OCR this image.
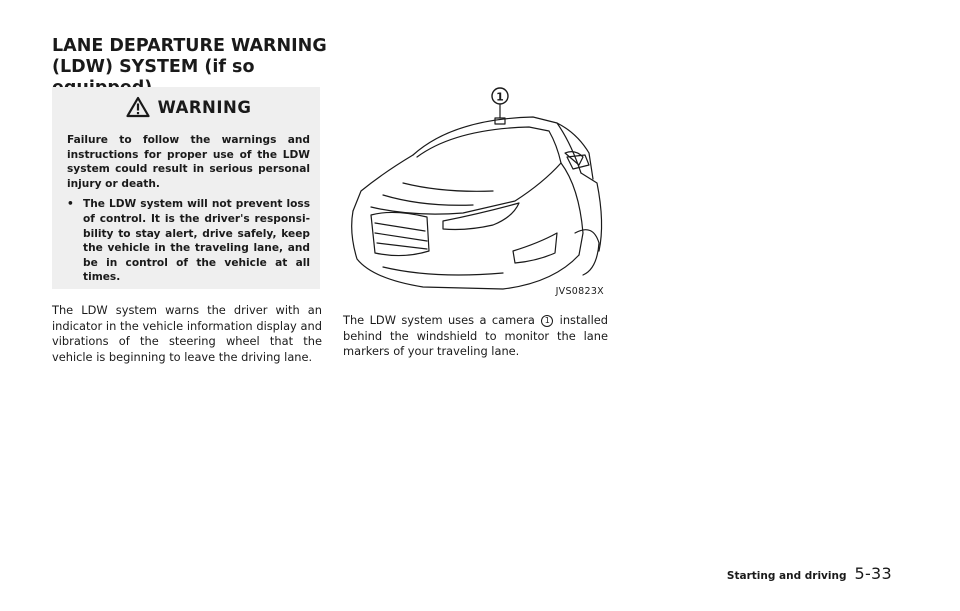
LANE DEPARTURE WARNING
(LDW) SYSTEM (if so
WARNING

Failure to follow the warnings and instructions for proper use of the LDW system could result in serious personal injury or death.

• The LDW system will not prevent loss of control. It is the driver's responsi-bility to stay alert, drive safely, keep the vehicle in the traveling lane, and be in control of the vehicle at all times.

The LDW system warns the driver with an indicator in the vehicle information display and vibrations of the steering wheel that the vehicle is beginning to leave the driving lane.

1
JVS0823X

The LDW system uses a camera 1 installed behind the windshield to monitor the lane markers of your traveling lane.

Starting and driving 5-33
